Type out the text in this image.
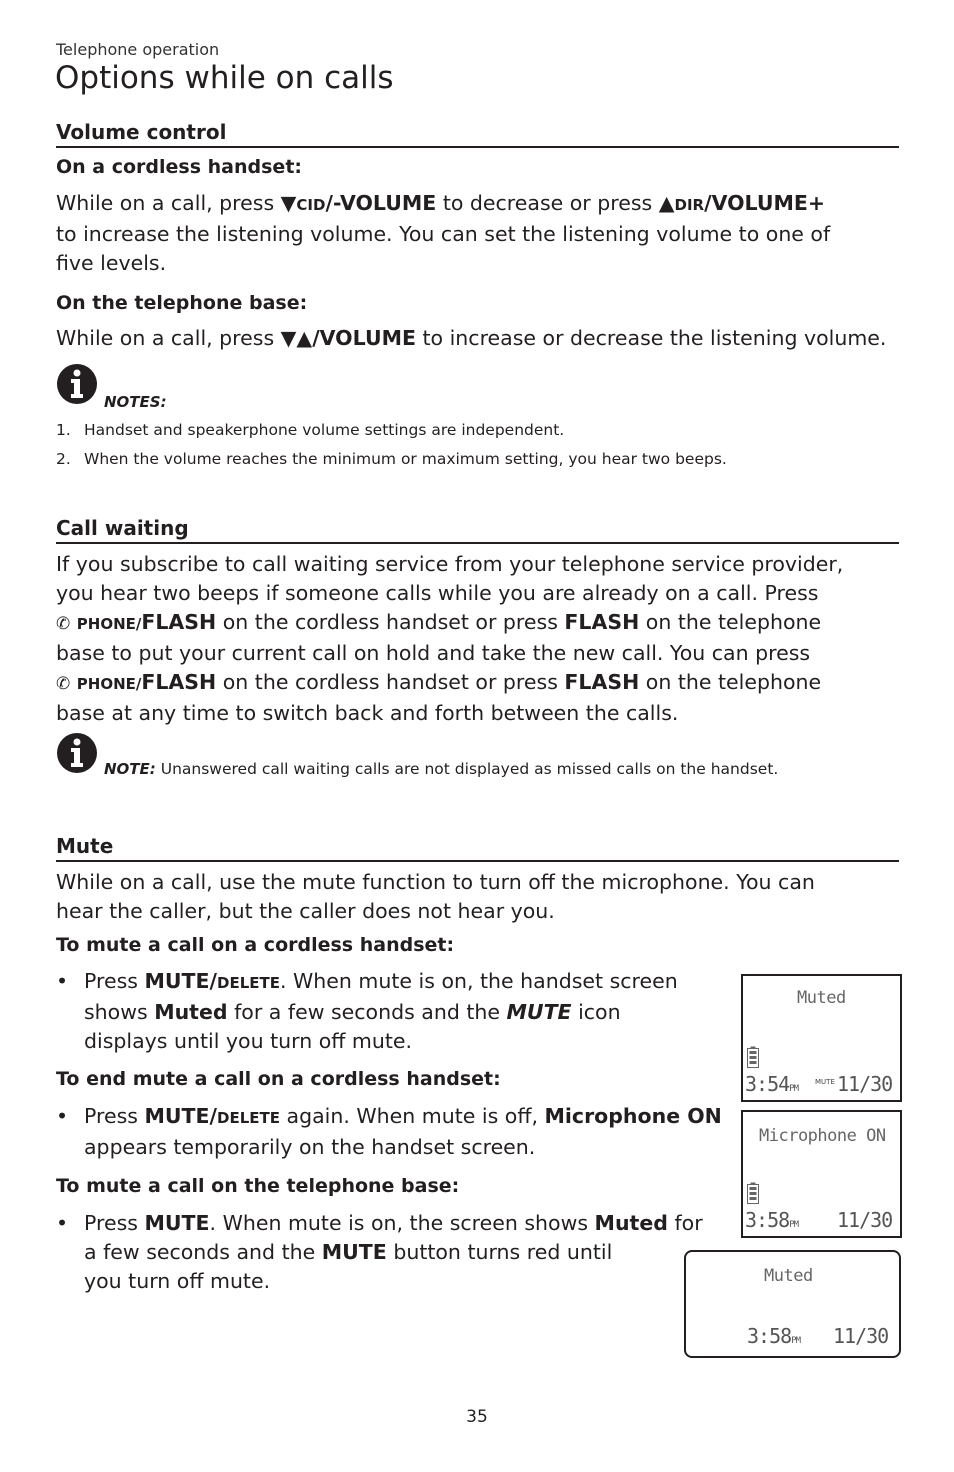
Telephone operation
Options while on calls
Volume control
On a cordless handset:
While on a call, press ▼CID/-VOLUME to decrease or press ▲DIR/VOLUME+
to increase the listening volume. You can set the listening volume to one of
five levels.
On the telephone base:
While on a call, press ▼▲/VOLUME to increase or decrease the listening volume.
NOTES:
1. Handset and speakerphone volume settings are independent.
2. When the volume reaches the minimum or maximum setting, you hear two beeps.
Call waiting
If you subscribe to call waiting service from your telephone service provider,
you hear two beeps if someone calls while you are already on a call. Press
✆ PHONE/FLASH on the cordless handset or press FLASH on the telephone
base to put your current call on hold and take the new call. You can press
✆ PHONE/FLASH on the cordless handset or press FLASH on the telephone
base at any time to switch back and forth between the calls.
NOTE: Unanswered call waiting calls are not displayed as missed calls on the handset.
Mute
While on a call, use the mute function to turn off the microphone. You can
hear the caller, but the caller does not hear you.
To mute a call on a cordless handset:
• Press MUTE/DELETE. When mute is on, the handset screen
shows Muted for a few seconds and the MUTE icon
displays until you turn off mute.
To end mute a call on a cordless handset:
• Press MUTE/DELETE again. When mute is off, Microphone ON
appears temporarily on the handset screen.
To mute a call on the telephone base:
• Press MUTE. When mute is on, the screen shows Muted for
a few seconds and the MUTE button turns red until
you turn off mute.
Muted
3:54PM
MUTE 11/30
Microphone ON
3:58PM 11/30
Muted
3:58PM 11/30
35
